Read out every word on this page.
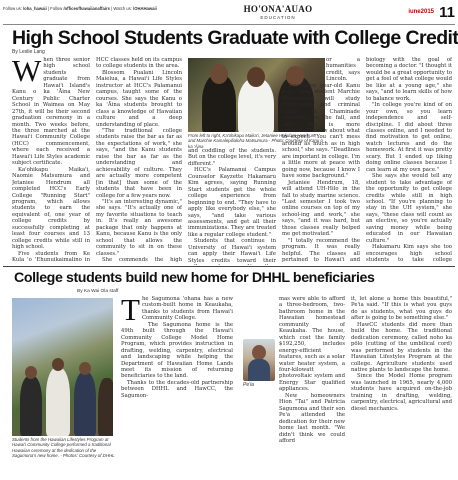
Follow us: /oha_hawaii | Follow /officeofhawaiianaffairs | Watch us: /OHAHawaii	HO'ONA'AUAO
EDUCATION
iune2015 11
High School Students Graduate with College Credit
By Leslie Lang
When three senior high school students graduate from Hawai'i Island's Kanu o ka 'Āina New Century Public Charter School in Waimea on May 27th, it will be their second graduation ceremony in a month. Two weeks before, the three marched at the Hawai'i Community College (HCC) commencement, where each received a Hawai'i Life Styles academic subject certificate.

Ka'ohikapu Maika'i, Naomie Matsumura and Jetaniee Hendrum all completed HCC's Early College "Running Start" program, which allows students to earn the equivalent of, one year of college credits by successfully completing at least four courses and 13 college credits while still in high school.

Five students from Ke Kula 'o 'Ehunuikaimalino in

HCC classes held on its campus to college students in the area.

Blossom Pualani Lincoln Maielua, a Hawai'i Life Styles instructor at HCC's Palamanui campus, taught some of the courses. She says the Kanu o ka 'Āina students brought to class a knowledge of Hawaiian culture and a deep understanding of place.

"The traditional college students raise the bar as far as the expectations of work," she says, "and the Kanu students raise the bar as far as the understanding and achievability of culture. They are actually more competent [in that] than some of the students that have been in college for a few years now.

"It's an interesting dynamic," she says. "It's actually one of my favorite situations to teach in. It's really an awesome package that only happens at Kanu, because Kanu is the only school that allows the community to sit in on these classes."

She commends the high

From left to right, Ka'ohikapu Maika'i, Jetaniee Hokulani Hendrum, and Marchie Kamalepilialoha Matsumura - Photo: Courtesy of Kanu o ka 'Āina

and coddling of the students. But on the college level, it's very different."

HCC's Palamanui Campus Counselor Kayzette Hakamaru Kim agrees, saying Running Start students get the whole college experience from beginning to end. "They have to apply like everybody else," she says, "and take various assessments, and get all their immunizations. They are treated like a regular college student."

Students that continue in University of Hawai'i system can apply their Hawai'i Life Styles credits toward their

or a humanities credit, says Lincoln.

Seventeen year-old Kanu o ka 'Āina student Marchie Matsumura will study criminology and criminal justice at Chaminade University in the fall, and says she is more comfortable now about what to expect. "You can't mess around as much as in high school," she says. "Deadlines are important in college. I'm a little more at peace with going now, because I know I have some background."

Jetaniee Hendrum, 18, will attend UH-Hilo in the fall to study marine science. "Last semester I took two online courses on top of my school-ing and work," she says, "and it was hard, but those classes really helped me get motivated."

"I totally recommend the program. It was really helpful. The classes all pertained to Hawai'i and

biology with the goal of becoming a doctor. "I thought it would be a great opportunity to get a feel of what college would be like at a young age," she says, "and to learn skills of how to balance work.

"In college you're kind of on your own, so you learn independence and self-discipline. I did about three classes online, and I needed to find motivation to get online, watch lectures and do the homework. At first it was pretty scary. But I ended up liking doing online classes because I can learn at my own pace."

She says she would tell any student to take advantage of the opportunity to get college credits while still in high school. "If you're planning to stay in the UH system," she says, "these class will count as an elective, so you're actually saving money while being educated in our Hawaiian culture."

Hakamaru Kim says she too encourages high school students to take college

College students build new home for DHHL beneficiaries
By Ka Wai Ola staff
Students from the Hawaiian Lifestyles Program at Hawai'i Community College performed a traditional Hawaiian ceremony at the dedication of the Sagumona's new home. - Photos: Courtesy of DHHL
The Sagumona 'ohana has a new custom-built home in Keaukaha, thanks to students from Hawai'i Community College.

The Sagumona home is the 49th built through the Hawai'i Community College Model Home Program, which provides instruction in drafting, welding, carpentry, electrical and landscaping while helping the Department of Hawaiian Home Lands meet its mission of returning beneficiaries to the land.

Thanks to the decades-old partnership between DHHL and HawCC, the Sagumon-

mas were able to afford a three-bedroom, two-bathroom home in the Hawaiian homestead community of Keaukaha. The house, which cost the family $192,250, includes energy-efficient features, such as a solar water heater system, a four-kilowatt photovoltaic system and Energy Star qualified appliances.

New homeowners Hion "Tai" and Patricia Sagumona and their son Pe'a attended the dedication for their new home last month. "We didn't think we could afford

Pe'ia

it, let alone a home this beautiful," Pe'ia said. "If this is what you guys do as students, what you guys do after is going to be something else."

HawCC students did more than build the home. The traditional dedication ceremony, called noho ka pōlo (cutting of the umbilical cord) was performed by students in the Hawaiian Lifestyles Program at the college. Agriculture students used native plants to landscape the home.

Since the Model Home program was launched in 1965, nearly 4,000 students have acquired on-the-job training in drafting, welding, carpentry, electrical, agricultural and diesel mechanics.
